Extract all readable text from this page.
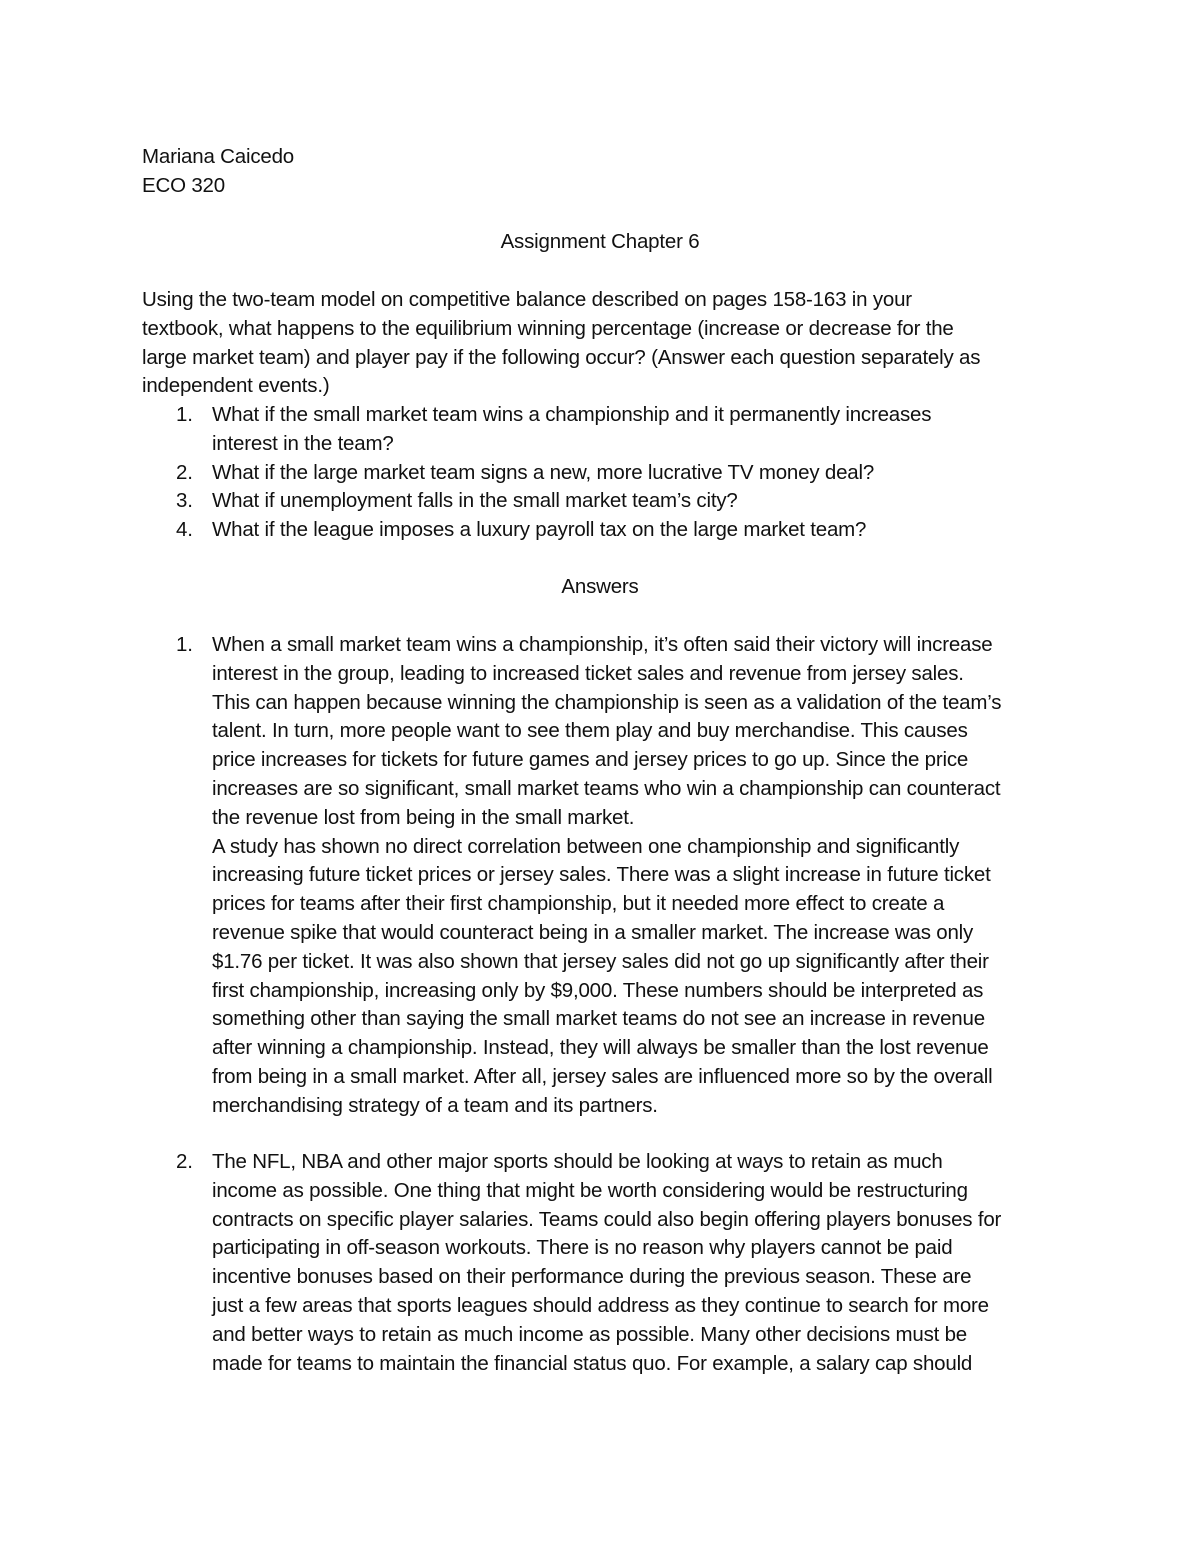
Mariana Caicedo
ECO 320
Assignment Chapter 6
Using the two-team model on competitive balance described on pages 158-163 in your
textbook, what happens to the equilibrium winning percentage (increase or decrease for the
large market team) and player pay if the following occur? (Answer each question separately as
independent events.)
1. What if the small market team wins a championship and it permanently increases
interest in the team?
2. What if the large market team signs a new, more lucrative TV money deal?
3. What if unemployment falls in the small market team’s city?
4. What if the league imposes a luxury payroll tax on the large market team?
Answers
1. When a small market team wins a championship, it’s often said their victory will increase
interest in the group, leading to increased ticket sales and revenue from jersey sales.
This can happen because winning the championship is seen as a validation of the team’s
talent. In turn, more people want to see them play and buy merchandise. This causes
price increases for tickets for future games and jersey prices to go up. Since the price
increases are so significant, small market teams who win a championship can counteract
the revenue lost from being in the small market.
A study has shown no direct correlation between one championship and significantly
increasing future ticket prices or jersey sales. There was a slight increase in future ticket
prices for teams after their first championship, but it needed more effect to create a
revenue spike that would counteract being in a smaller market. The increase was only
$1.76 per ticket. It was also shown that jersey sales did not go up significantly after their
first championship, increasing only by $9,000. These numbers should be interpreted as
something other than saying the small market teams do not see an increase in revenue
after winning a championship. Instead, they will always be smaller than the lost revenue
from being in a small market. After all, jersey sales are influenced more so by the overall
merchandising strategy of a team and its partners.
2. The NFL, NBA and other major sports should be looking at ways to retain as much
income as possible. One thing that might be worth considering would be restructuring
contracts on specific player salaries. Teams could also begin offering players bonuses for
participating in off-season workouts. There is no reason why players cannot be paid
incentive bonuses based on their performance during the previous season. These are
just a few areas that sports leagues should address as they continue to search for more
and better ways to retain as much income as possible. Many other decisions must be
made for teams to maintain the financial status quo. For example, a salary cap should
